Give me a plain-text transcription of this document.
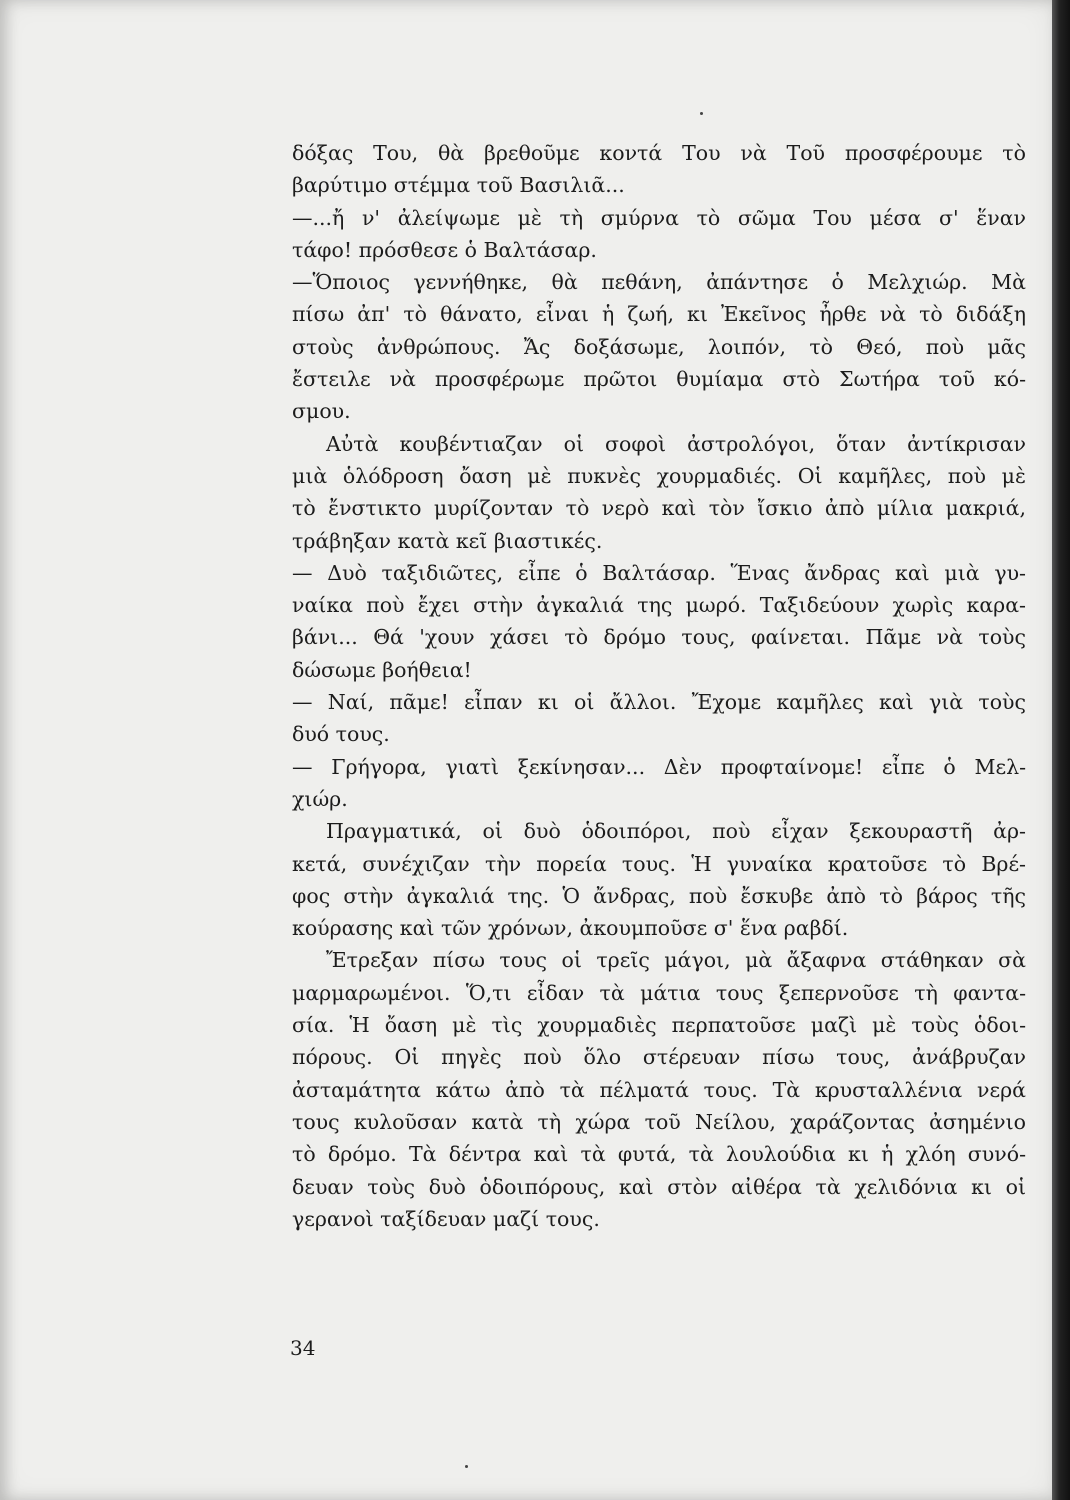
δόξας Του, θὰ βρεθοῦμε κοντά Του νὰ Τοῦ προσφέρουμε τὸ
βαρύτιμο στέμμα τοῦ Βασιλιᾶ...
—...ἤ ν' ἀλείψωμε μὲ τὴ σμύρνα τὸ σῶμα Του μέσα σ' ἕναν
τάφο! πρόσθεσε ὁ Βαλτάσαρ.
—Ὅποιος γεννήθηκε, θὰ πεθάνη, ἀπάντησε ὁ Μελχιώρ. Μὰ
πίσω ἀπ' τὸ θάνατο, εἶναι ἡ ζωή, κι Ἐκεῖνος ἦρθε νὰ τὸ διδάξη
στοὺς ἀνθρώπους. Ἄς δοξάσωμε, λοιπόν, τὸ Θεό, ποὺ μᾶς
ἔστειλε νὰ προσφέρωμε πρῶτοι θυμίαμα στὸ Σωτήρα τοῦ κό-
σμου.
Αὐτὰ κουβέντιαζαν οἱ σοφοὶ ἀστρολόγοι, ὅταν ἀντίκρισαν
μιὰ ὁλόδροση ὄαση μὲ πυκνὲς χουρμαδιές. Οἱ καμῆλες, ποὺ μὲ
τὸ ἔνστικτο μυρίζονταν τὸ νερὸ καὶ τὸν ἴσκιο ἀπὸ μίλια μακριά,
τράβηξαν κατὰ κεῖ βιαστικές.
— Δυὸ ταξιδιῶτες, εἶπε ὁ Βαλτάσαρ. Ἕνας ἄνδρας καὶ μιὰ γυ-
ναίκα ποὺ ἔχει στὴν ἀγκαλιά της μωρό. Ταξιδεύουν χωρὶς καρα-
βάνι... Θά 'χουν χάσει τὸ δρόμο τους, φαίνεται. Πᾶμε νὰ τοὺς
δώσωμε βοήθεια!
— Ναί, πᾶμε! εἶπαν κι οἱ ἄλλοι. Ἔχομε καμῆλες καὶ γιὰ τοὺς
δυό τους.
— Γρήγορα, γιατὶ ξεκίνησαν... Δὲν προφταίνομε! εἶπε ὁ Μελ-
χιώρ.
Πραγματικά, οἱ δυὸ ὁδοιπόροι, ποὺ εἶχαν ξεκουραστῆ ἀρ-
κετά, συνέχιζαν τὴν πορεία τους. Ἡ γυναίκα κρατοῦσε τὸ Βρέ-
φος στὴν ἀγκαλιά της. Ὁ ἄνδρας, ποὺ ἔσκυβε ἀπὸ τὸ βάρος τῆς
κούρασης καὶ τῶν χρόνων, ἀκουμποῦσε σ' ἕνα ραβδί.
Ἔτρεξαν πίσω τους οἱ τρεῖς μάγοι, μὰ ἄξαφνα στάθηκαν σὰ
μαρμαρωμένοι. Ὅ,τι εἶδαν τὰ μάτια τους ξεπερνοῦσε τὴ φαντα-
σία. Ἡ ὄαση μὲ τὶς χουρμαδιὲς περπατοῦσε μαζὶ μὲ τοὺς ὁδοι-
πόρους. Οἱ πηγὲς ποὺ ὅλο στέρευαν πίσω τους, ἀνάβρυζαν
ἀσταμάτητα κάτω ἀπὸ τὰ πέλματά τους. Τὰ κρυσταλλένια νερά
τους κυλοῦσαν κατὰ τὴ χώρα τοῦ Νείλου, χαράζοντας ἀσημένιο
τὸ δρόμο. Τὰ δέντρα καὶ τὰ φυτά, τὰ λουλούδια κι ἡ χλόη συνό-
δευαν τοὺς δυὸ ὁδοιπόρους, καὶ στὸν αἰθέρα τὰ χελιδόνια κι οἱ
γερανοὶ ταξίδευαν μαζί τους.
34
